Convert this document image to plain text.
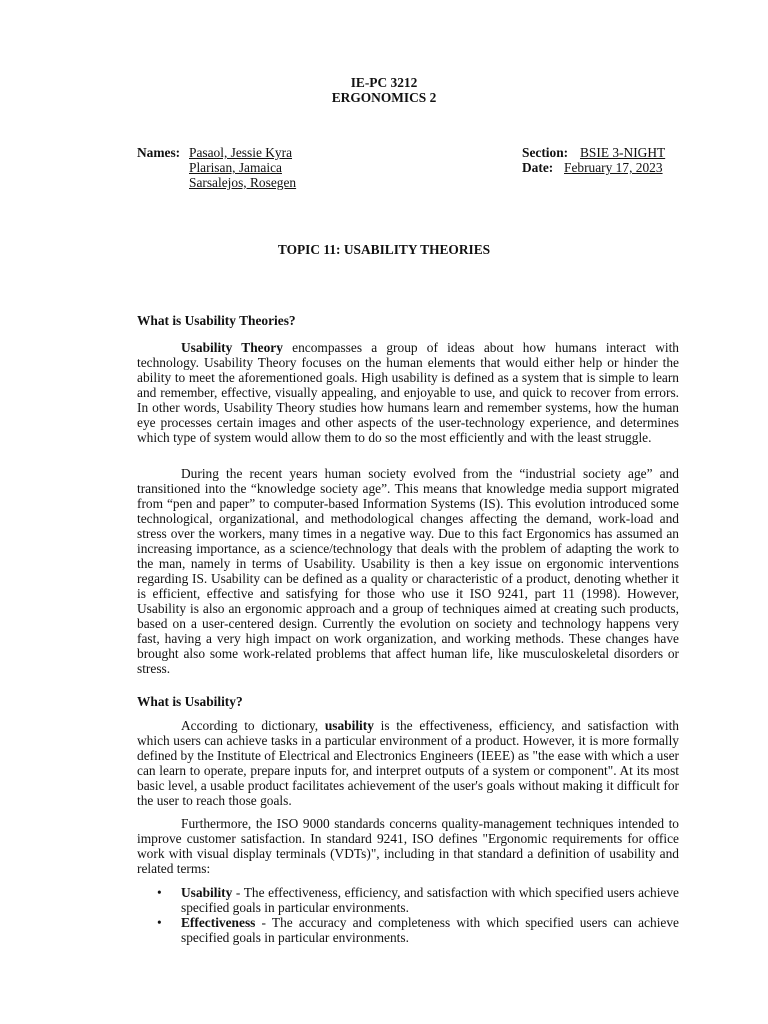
IE-PC 3212
ERGONOMICS 2
Names: Pasaol, Jessie Kyra
Plarisan, Jamaica
Sarsalejos, Rosegen
Section: BSIE 3-NIGHT
Date: February 17, 2023
TOPIC 11: USABILITY THEORIES
What is Usability Theories?

Usability Theory encompasses a group of ideas about how humans interact with technology. Usability Theory focuses on the human elements that would either help or hinder the ability to meet the aforementioned goals. High usability is defined as a system that is simple to learn and remember, effective, visually appealing, and enjoyable to use, and quick to recover from errors. In other words, Usability Theory studies how humans learn and remember systems, how the human eye processes certain images and other aspects of the user-technology experience, and determines which type of system would allow them to do so the most efficiently and with the least struggle.

During the recent years human society evolved from the “industrial society age” and transitioned into the “knowledge society age”. This means that knowledge media support migrated from “pen and paper” to computer-based Information Systems (IS). This evolution introduced some technological, organizational, and methodological changes affecting the demand, work-load and stress over the workers, many times in a negative way. Due to this fact Ergonomics has assumed an increasing importance, as a science/technology that deals with the problem of adapting the work to the man, namely in terms of Usability. Usability is then a key issue on ergonomic interventions regarding IS. Usability can be defined as a quality or characteristic of a product, denoting whether it is efficient, effective and satisfying for those who use it ISO 9241, part 11 (1998). However, Usability is also an ergonomic approach and a group of techniques aimed at creating such products, based on a user-centered design. Currently the evolution on society and technology happens very fast, having a very high impact on work organization, and working methods. These changes have brought also some work-related problems that affect human life, like musculoskeletal disorders or stress.

What is Usability?

According to dictionary, usability is the effectiveness, efficiency, and satisfaction with which users can achieve tasks in a particular environment of a product. However, it is more formally defined by the Institute of Electrical and Electronics Engineers (IEEE) as "the ease with which a user can learn to operate, prepare inputs for, and interpret outputs of a system or component". At its most basic level, a usable product facilitates achievement of the user's goals without making it difficult for the user to reach those goals.

Furthermore, the ISO 9000 standards concerns quality-management techniques intended to improve customer satisfaction. In standard 9241, ISO defines "Ergonomic requirements for office work with visual display terminals (VDTs)", including in that standard a definition of usability and related terms:

• Usability - The effectiveness, efficiency, and satisfaction with which specified users achieve specified goals in particular environments.
• Effectiveness - The accuracy and completeness with which specified users can achieve specified goals in particular environments.
